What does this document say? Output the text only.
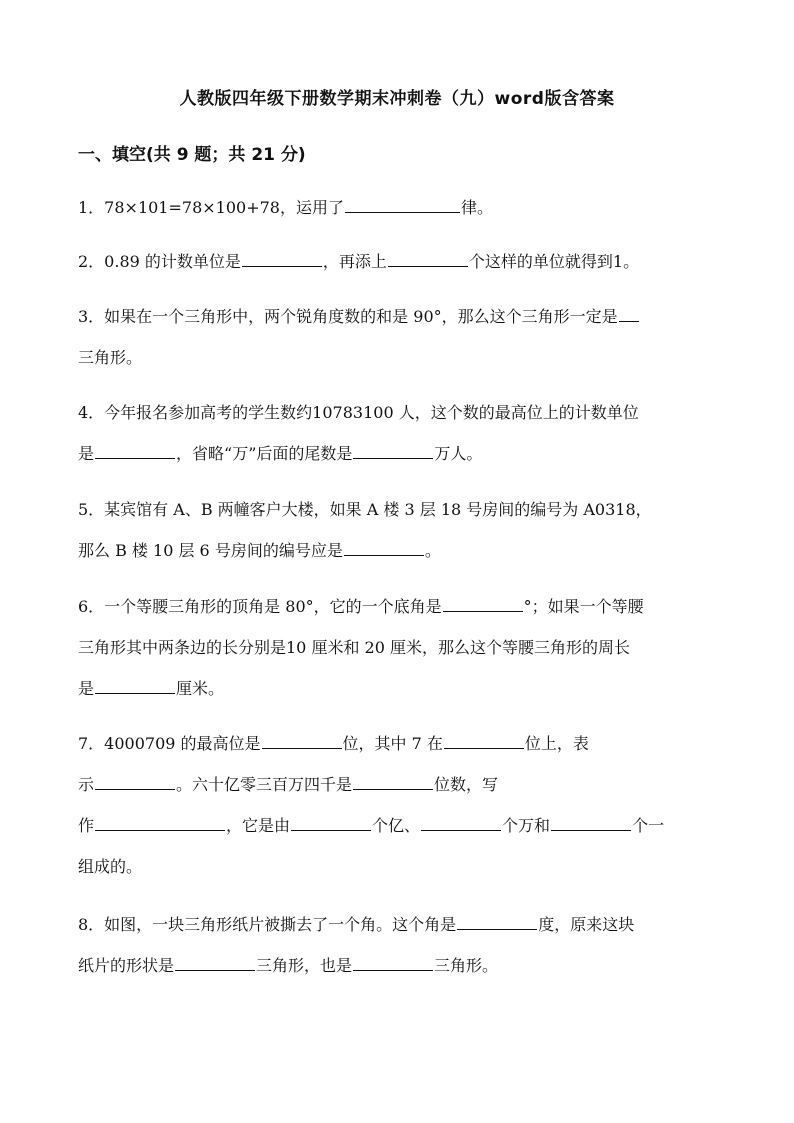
人教版四年级下册数学期末冲刺卷（九）word版含答案
一、填空(共 9 题；共 21 分)
1．78×101=78×100+78，运用了	律。
2．0.89 的计数单位是	，再添上	个这样的单位就得到1。
3．如果在一个三角形中，两个锐角度数的和是 90°，那么这个三角形一定是
三角形。
4．今年报名参加高考的学生数约10783100 人，这个数的最高位上的计数单位
是	，省略“万”后面的尾数是	万人。
5．某宾馆有 A、B 两幢客户大楼，如果 A 楼 3 层 18 号房间的编号为 A0318，
那么 B 楼 10 层 6 号房间的编号应是	。
6．一个等腰三角形的顶角是 80°，它的一个底角是	°；如果一个等腰
三角形其中两条边的长分别是10 厘米和 20 厘米，那么这个等腰三角形的周长
是	厘米。
7．4000709 的最高位是	位，其中 7 在	位上，表
示	。六十亿零三百万四千是	位数，写
作	，它是由	个亿、	个万和	个一
组成的。
8．如图，一块三角形纸片被撕去了一个角。这个角是	度，原来这块
纸片的形状是	三角形，也是	三角形。
